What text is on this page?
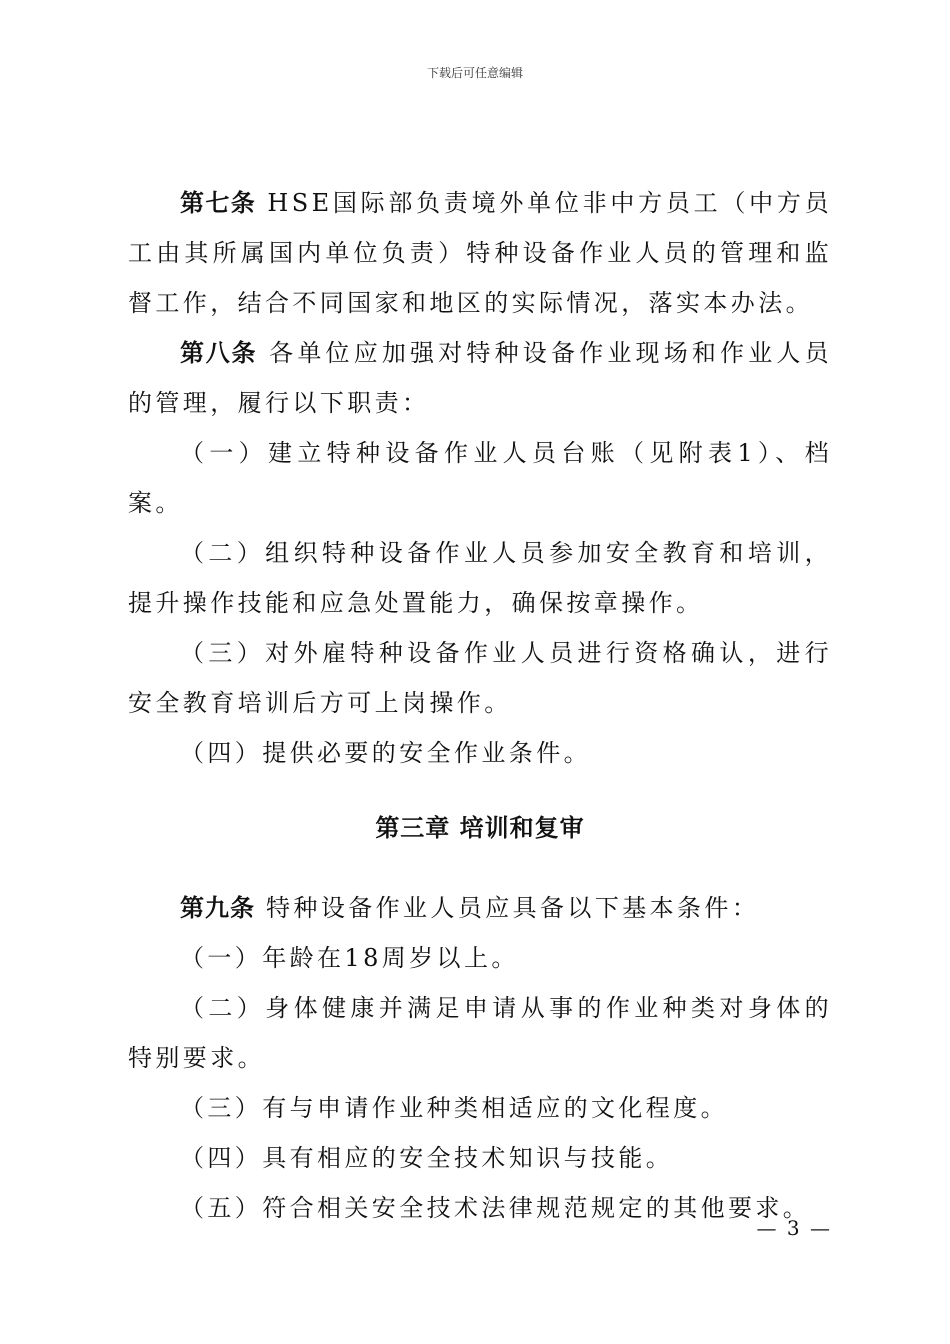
下载后可任意编辑

第七条 HSE国际部负责境外单位非中方员工（中方员工由其所属国内单位负责）特种设备作业人员的管理和监督工作，结合不同国家和地区的实际情况，落实本办法。

第八条 各单位应加强对特种设备作业现场和作业人员的管理，履行以下职责：

（一）建立特种设备作业人员台账（见附表1）、档案。

（二）组织特种设备作业人员参加安全教育和培训，提升操作技能和应急处置能力，确保按章操作。

（三）对外雇特种设备作业人员进行资格确认，进行安全教育培训后方可上岗操作。

（四）提供必要的安全作业条件。

第三章 培训和复审

第九条 特种设备作业人员应具备以下基本条件：

（一）年龄在18周岁以上。

（二）身体健康并满足申请从事的作业种类对身体的特别要求。

（三）有与申请作业种类相适应的文化程度。

（四）具有相应的安全技术知识与技能。

（五）符合相关安全技术法律规范规定的其他要求。

— 3 —
